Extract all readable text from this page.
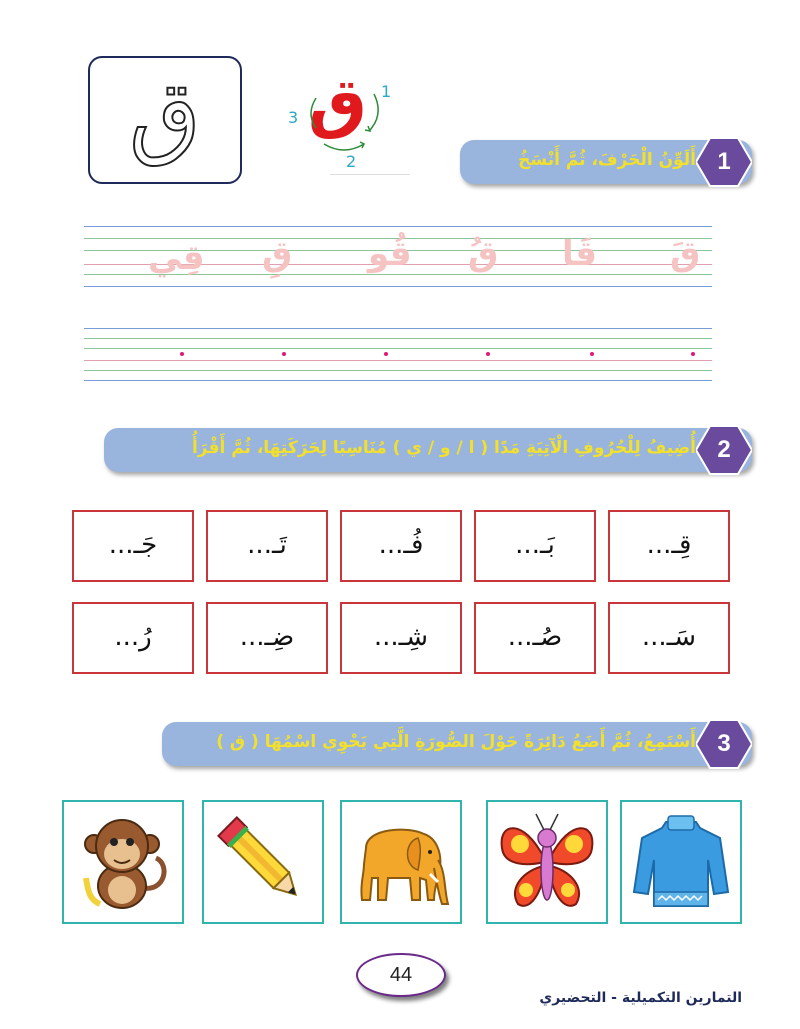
ق ق 1
2
3
أَلَوِّنُ الْحَرْفَ، ثُمَّ أَنْسَخُ 1
قَ
قَا
قُ
قُو
قِ
قِي
أُضِيفُ لِلْحُرُوفِ الْآتِيَةِ مَدًا ( ا / و / ي ) مُنَاسِبًا لِحَرَكَتِهَا، ثُمَّ أَقْرَأُ 2
قِـ...
بَـ...
فُـ...
تَـ...
جَـ...
سَـ...
صُـ...
شِـ...
ضِـ...
رُ...
أَسْتَمِعُ، ثُمَّ أَضَعُ دَائِرَةً حَوْلَ الصُّورَةِ الَّتِي يَحْوِي اسْمُهَا ( ق ) 3
44
التمارين التكميلية - التحضيري
